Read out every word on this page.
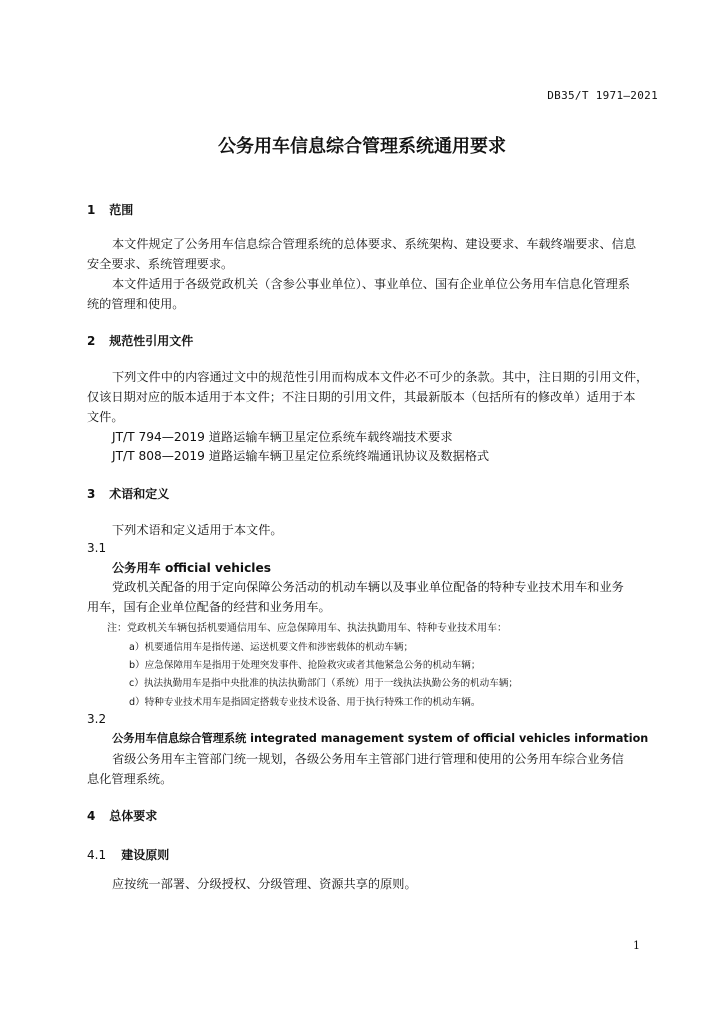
DB35/T 1971—2021
公务用车信息综合管理系统通用要求
1 范围
本文件规定了公务用车信息综合管理系统的总体要求、系统架构、建设要求、车载终端要求、信息
安全要求、系统管理要求。
本文件适用于各级党政机关（含参公事业单位）、事业单位、国有企业单位公务用车信息化管理系
统的管理和使用。
2 规范性引用文件
下列文件中的内容通过文中的规范性引用而构成本文件必不可少的条款。其中，注日期的引用文件，
仅该日期对应的版本适用于本文件；不注日期的引用文件，其最新版本（包括所有的修改单）适用于本
文件。
JT/T 794—2019 道路运输车辆卫星定位系统车载终端技术要求
JT/T 808—2019 道路运输车辆卫星定位系统终端通讯协议及数据格式
3 术语和定义
下列术语和定义适用于本文件。
3.1
公务用车 official vehicles
党政机关配备的用于定向保障公务活动的机动车辆以及事业单位配备的特种专业技术用车和业务
用车，国有企业单位配备的经营和业务用车。
注：党政机关车辆包括机要通信用车、应急保障用车、执法执勤用车、特种专业技术用车：
a）机要通信用车是指传递、运送机要文件和涉密载体的机动车辆；
b）应急保障用车是指用于处理突发事件、抢险救灾或者其他紧急公务的机动车辆；
c）执法执勤用车是指中央批准的执法执勤部门（系统）用于一线执法执勤公务的机动车辆；
d）特种专业技术用车是指固定搭载专业技术设备、用于执行特殊工作的机动车辆。
3.2
公务用车信息综合管理系统 integrated management system of official vehicles information
省级公务用车主管部门统一规划，各级公务用车主管部门进行管理和使用的公务用车综合业务信
息化管理系统。
4 总体要求
4.1 建设原则
应按统一部署、分级授权、分级管理、资源共享的原则。
1
